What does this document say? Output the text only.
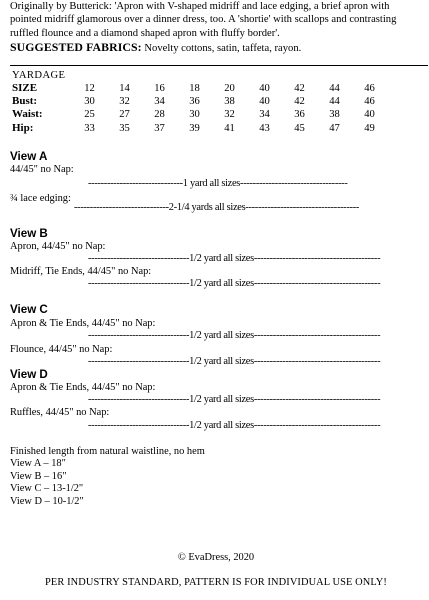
Originally by Butterick: 'Apron with V-shaped midriff and lace edging, a brief apron with pointed midriff glamorous over a dinner dress, too. A 'shortie' with scallops and contrasting ruffled flounce and a diamond shaped apron with fluffy border'.

SUGGESTED FABRICS: Novelty cottons, satin, taffeta, rayon.

YARDAGE
SIZE	12	14	16	18	20	40	42	44	46
Bust:	30	32	34	36	38	40	42	44	46
Waist:	25	27	28	30	32	34	36	38	40
Hip:	33	35	37	39	41	43	45	47	49
View A
44/45" no Nap:
------------------------------1 yard all sizes----------------------------------
¾ lace edging:
------------------------------2-1/4 yards all sizes------------------------------------
View B
Apron, 44/45" no Nap:
--------------------------------1/2 yard all sizes----------------------------------------
Midriff, Tie Ends, 44/45" no Nap:
--------------------------------1/2 yard all sizes----------------------------------------
View C
Apron & Tie Ends, 44/45" no Nap:
--------------------------------1/2 yard all sizes----------------------------------------
Flounce, 44/45" no Nap:
--------------------------------1/2 yard all sizes----------------------------------------
View D
Apron & Tie Ends, 44/45" no Nap:
--------------------------------1/2 yard all sizes----------------------------------------
Ruffles, 44/45" no Nap:
--------------------------------1/2 yard all sizes----------------------------------------
Finished length from natural waistline, no hem
View A – 18"
View B – 16"
View C – 13-1/2"
View D – 10-1/2"
© EvaDress, 2020
PER INDUSTRY STANDARD, PATTERN IS FOR INDIVIDUAL USE ONLY!
